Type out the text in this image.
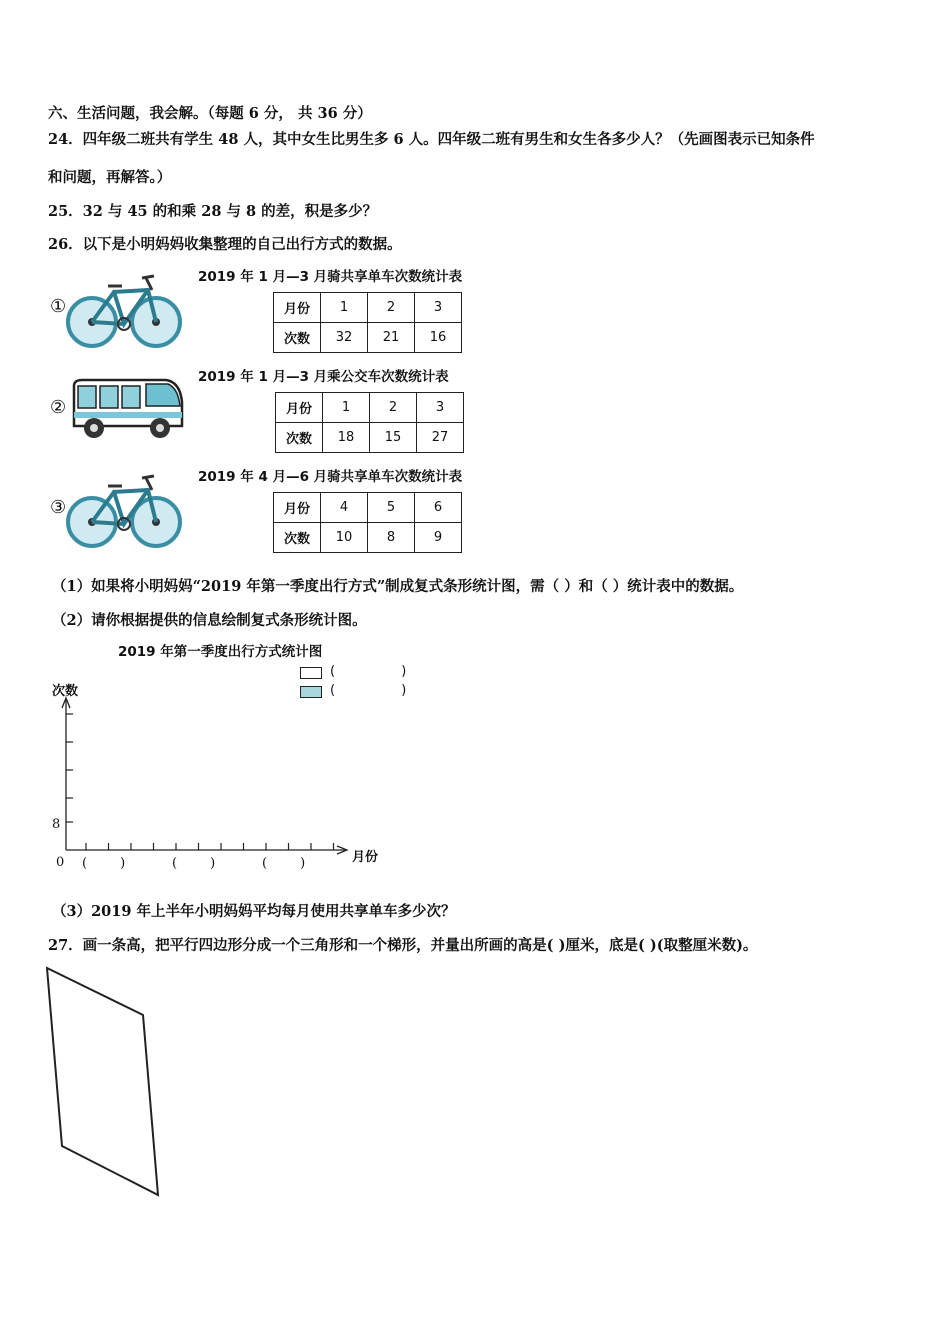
六、生活问题，我会解。（每题 6 分， 共 36 分）
24．四年级二班共有学生 48 人，其中女生比男生多 6 人。四年级二班有男生和女生各多少人？（先画图表示已知条件
和问题，再解答。）
25．32 与 45 的和乘 28 与 8 的差，积是多少？
26．以下是小明妈妈收集整理的自己出行方式的数据。
①
2019 年 1 月—3 月骑共享单车次数统计表
月份	1	2	3
次数	32	21	16
②
2019 年 1 月—3 月乘公交车次数统计表
月份	1	2	3
次数	18	15	27
③
2019 年 4 月—6 月骑共享单车次数统计表
月份	4	5	6
次数	10	8	9
（1）如果将小明妈妈“2019 年第一季度出行方式”制成复式条形统计图，需（ ）和（ ）统计表中的数据。
（2）请你根据提供的信息绘制复式条形统计图。
2019 年第一季度出行方式统计图
次数
月份
0
8
(                )
(                )
(        )	(        )	(        )
（3）2019 年上半年小明妈妈平均每月使用共享单车多少次？
27．画一条高，把平行四边形分成一个三角形和一个梯形，并量出所画的高是( )厘米，底是( )(取整厘米数)。
